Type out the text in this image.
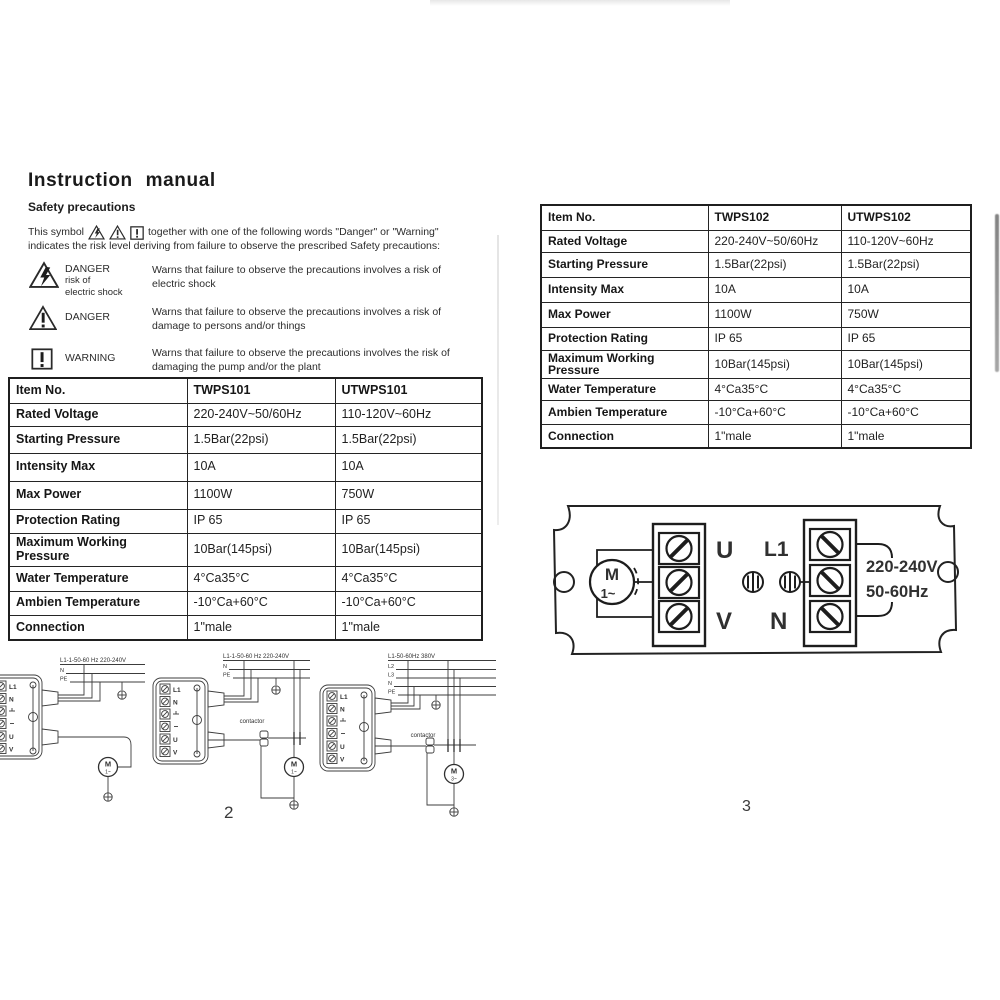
Instruction manual
Safety precautions
This symbol	together with one of the following words "Danger" or "Warning"
indicates the risk level deriving from failure to observe the prescribed Safety precautions:
DANGER
risk of
electric shock
Warns that failure to observe the precautions involves a risk of
electric shock
DANGER	Warns that failure to observe the precautions involves a risk of
damage to persons and/or things
WARNING	Warns that failure to observe the precautions involves the risk of
damaging the pump and/or the plant
Item No.	TWPS101	UTWPS101
Rated Voltage	220-240V~50/60Hz	110-120V~60Hz
Starting Pressure	1.5Bar(22psi)	1.5Bar(22psi)
Intensity Max	10A	10A
Max Power	1100W	750W
Protection Rating	IP 65	IP 65
Maximum Working Pressure	10Bar(145psi)	10Bar(145psi)
Water Temperature	4°Ca35°C	4°Ca35°C
Ambien Temperature	-10°Ca+60°C	-10°Ca+60°C
Connection	1"male	1"male
L1
N
U
V
L1-1-50-60 Hz 220-240V
N
PE
M
1~
L1
N
U
V
L1-1-50-60 Hz 220-240V
N
PE
contactor
M
1~
L1
N
U
V
L1-50-60Hz 380V
L2
L3
N
PE
contactor
M
3~
2
Item No.	TWPS102	UTWPS102
Rated Voltage	220-240V~50/60Hz	110-120V~60Hz
Starting Pressure	1.5Bar(22psi)	1.5Bar(22psi)
Intensity Max	10A	10A
Max Power	1100W	750W
Protection Rating	IP 65	IP 65
Maximum Working Pressure	10Bar(145psi)	10Bar(145psi)
Water Temperature	4°Ca35°C	4°Ca35°C
Ambien Temperature	-10°Ca+60°C	-10°Ca+60°C
Connection	1"male	1"male
M
1~
U
V
L1
N
220-240V
50-60Hz
3
